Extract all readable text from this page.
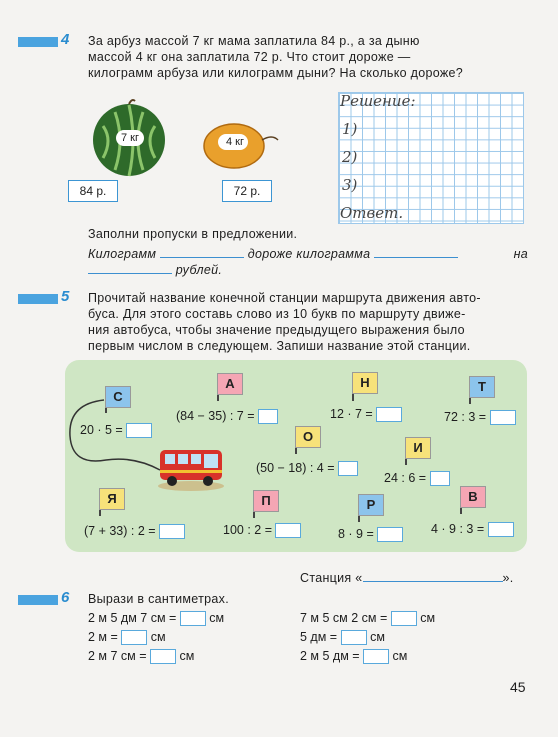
4 За арбуз массой 7 кг мама заплатила 84 р., а за дыню
массой 4 кг она заплатила 72 р. Что стоит дороже —
килограмм арбуза или килограмм дыни? На сколько дороже?
7 кг	4 кг
84 р.	72 р.
Решение:
1)
2)
3)
Ответ.
Заполни пропуски в предложении.
Килограмм	дороже килограмма	на
рублей.
5 Прочитай название конечной станции маршрута движения авто-
буса. Для этого составь слово из 10 букв по маршруту движе-
ния автобуса, чтобы значение предыдущего выражения было
первым числом в следующем. Запиши название этой станции.
С
20 · 5 =
А
(84 − 35) : 7 =
Н
12 · 7 =
Т
72 : 3 =
О
(50 − 18) : 4 =
И
24 : 6 =
Я
(7 + 33) : 2 =
П
100 : 2 =
Р
8 · 9 =
В
4 · 9 : 3 =
Станция «	».
6 Вырази в сантиметрах.
2 м 5 дм 7 см =	см
2 м =	см
2 м 7 см =	см
7 м 5 см 2 см =	см
5 дм =	см
2 м 5 дм =	см
45
